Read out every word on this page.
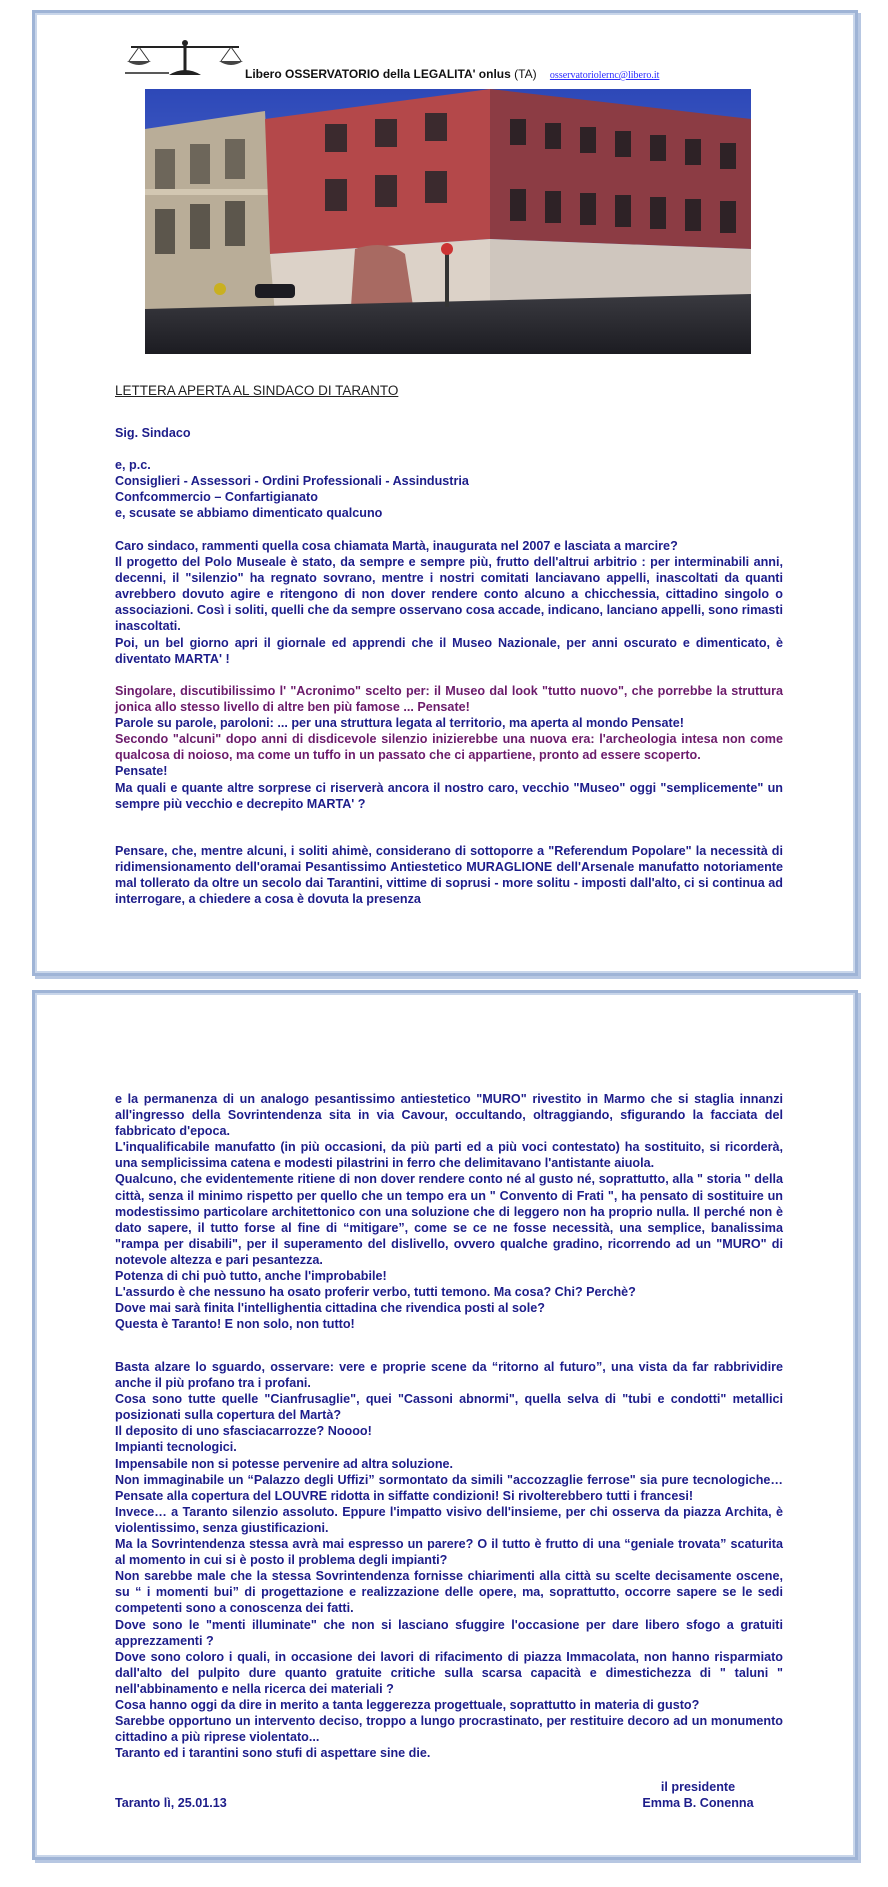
Libero OSSERVATORIO della LEGALITA' onlus (TA) osservatoriolernc@libero.it
LETTERA APERTA AL SINDACO DI TARANTO

Sig. Sindaco

e, p.c.

Consiglieri - Assessori - Ordini Professionali - Assindustria

Confcommercio – Confartigianato

e, scusate se abbiamo dimenticato qualcuno

Caro sindaco, rammenti quella cosa chiamata Martà, inaugurata nel 2007 e lasciata a marcire?

Il progetto del Polo Museale è stato, da sempre e sempre più, frutto dell'altrui arbitrio : per interminabili anni, decenni, il "silenzio" ha regnato sovrano, mentre i nostri comitati lanciavano appelli, inascoltati da quanti avrebbero dovuto agire e ritengono di non dover rendere conto alcuno a chicchessia, cittadino singolo o associazioni. Così i soliti, quelli che da sempre osservano cosa accade, indicano, lanciano appelli, sono rimasti inascoltati.

Poi, un bel giorno apri il giornale ed apprendi che il Museo Nazionale, per anni oscurato e dimenticato, è diventato MARTA' !

Singolare, discutibilissimo l' "Acronimo" scelto per: il Museo dal look "tutto nuovo", che porrebbe la struttura jonica allo stesso livello di altre ben più famose ... Pensate!

Parole su parole, paroloni: ... per una struttura legata al territorio, ma aperta al mondo Pensate!

Secondo "alcuni" dopo anni di disdicevole silenzio inizierebbe una nuova era: l'archeologia intesa non come qualcosa di noioso, ma come un tuffo in un passato che ci appartiene, pronto ad essere scoperto.

Pensate!

Ma quali e quante altre sorprese ci riserverà ancora il nostro caro, vecchio "Museo" oggi "semplicemente" un sempre più vecchio e decrepito MARTA' ?

Pensare, che, mentre alcuni, i soliti ahimè, considerano di sottoporre a "Referendum Popolare" la necessità di ridimensionamento dell'oramai Pesantissimo Antiestetico MURAGLIONE dell'Arsenale manufatto notoriamente mal tollerato da oltre un secolo dai Tarantini, vittime di soprusi - more solitu - imposti dall'alto, ci si continua ad interrogare, a chiedere a cosa è dovuta la presenza

e la permanenza di un analogo pesantissimo antiestetico "MURO" rivestito in Marmo che si staglia innanzi all'ingresso della Sovrintendenza sita in via Cavour, occultando, oltraggiando, sfigurando la facciata del fabbricato d'epoca.

L'inqualificabile manufatto (in più occasioni, da più parti ed a più voci contestato) ha sostituito, si ricorderà, una semplicissima catena e modesti pilastrini in ferro che delimitavano l'antistante aiuola.

Qualcuno, che evidentemente ritiene di non dover rendere conto né al gusto né, soprattutto, alla " storia " della città, senza il minimo rispetto per quello che un tempo era un " Convento di Frati ", ha pensato di sostituire un modestissimo particolare architettonico con una soluzione che di leggero non ha proprio nulla. Il perché non è dato sapere, il tutto forse al fine di “mitigare”, come se ce ne fosse necessità, una semplice, banalissima "rampa per disabili", per il superamento del dislivello, ovvero qualche gradino, ricorrendo ad un "MURO" di notevole altezza e pari pesantezza.

Potenza di chi può tutto, anche l'improbabile!

L'assurdo è che nessuno ha osato proferir verbo, tutti temono. Ma cosa? Chi? Perchè?

Dove mai sarà finita l'intellighentia cittadina che rivendica posti al sole?

Questa è Taranto! E non solo, non tutto!

Basta alzare lo sguardo, osservare: vere e proprie scene da “ritorno al futuro”, una vista da far rabbrividire anche il più profano tra i profani.

Cosa sono tutte quelle "Cianfrusaglie", quei "Cassoni abnormi", quella selva di "tubi e condotti" metallici posizionati sulla copertura del Martà?

Il deposito di uno sfasciacarrozze? Noooo!

Impianti tecnologici.

Impensabile non si potesse pervenire ad altra soluzione.

Non immaginabile un “Palazzo degli Uffizi” sormontato da simili "accozzaglie ferrose" sia pure tecnologiche…Pensate alla copertura del LOUVRE ridotta in siffatte condizioni! Si rivolterebbero tutti i francesi!

Invece… a Taranto silenzio assoluto. Eppure l'impatto visivo dell'insieme, per chi osserva da piazza Archita, è violentissimo, senza giustificazioni.

Ma la Sovrintendenza stessa avrà mai espresso un parere? O il tutto è frutto di una “geniale trovata” scaturita al momento in cui si è posto il problema degli impianti?

Non sarebbe male che la stessa Sovrintendenza fornisse chiarimenti alla città su scelte decisamente oscene, su “ i momenti bui” di progettazione e realizzazione delle opere, ma, soprattutto, occorre sapere se le sedi competenti sono a conoscenza dei fatti.

Dove sono le "menti illuminate" che non si lasciano sfuggire l'occasione per dare libero sfogo a gratuiti apprezzamenti ?

Dove sono coloro i quali, in occasione dei lavori di rifacimento di piazza Immacolata, non hanno risparmiato dall'alto del pulpito dure quanto gratuite critiche sulla scarsa capacità e dimestichezza di " taluni " nell'abbinamento e nella ricerca dei materiali ?

Cosa hanno oggi da dire in merito a tanta leggerezza progettuale, soprattutto in materia di gusto?

Sarebbe opportuno un intervento deciso, troppo a lungo procrastinato, per restituire decoro ad un monumento cittadino a più riprese violentato...

Taranto ed i tarantini sono stufi di aspettare sine die.

il presidente
Taranto lì, 25.01.13	Emma B. Conenna
